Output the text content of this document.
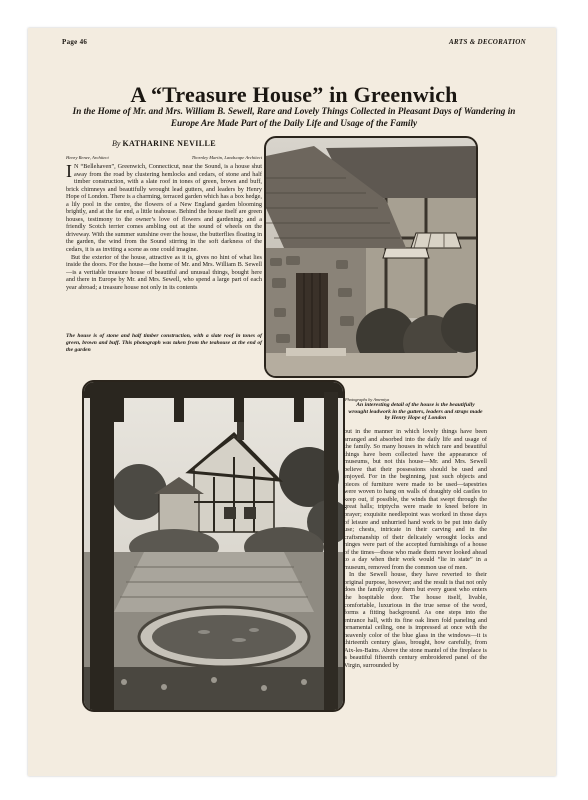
Page 46	ARTS & DECORATION
A “Treasure House” in Greenwich
In the Home of Mr. and Mrs. William B. Sewell, Rare and Lovely Things Collected in Pleasant Days of Wandering in Europe Are Made Part of the Daily Life and Usage of the Family
By KATHARINE NEVILLE
Henry Renee, Architect	Thornley Martin, Landscape Architect

I N “Bellehaven”, Greenwich, Connecticut, near the Sound, is a house shut away from the road by clustering hemlocks and cedars, of stone and half timber construction, with a slate roof in tones of green, brown and buff, brick chimneys and beautifully wrought lead gutters, and leaders by Henry Hope of London. There is a charming, terraced garden which has a box hedge, a lily pool in the centre, the flowers of a New England garden blooming brightly, and at the far end, a little teahouse. Behind the house itself are green houses, testimony to the owner’s love of flowers and gardening; and a friendly Scotch terrier comes ambling out at the sound of wheels on the driveway. With the summer sunshine over the house, the butterflies floating in the garden, the wind from the Sound stirring in the soft darkness of the cedars, it is as inviting a scene as one could imagine.

But the exterior of the house, attractive as it is, gives no hint of what lies inside the doors. For the house—the home of Mr. and Mrs. William B. Sewell—is a veritable treasure house of beautiful and unusual things, bought here and there in Europe by Mr. and Mrs. Sewell, who spend a large part of each year abroad; a treasure house not only in its contents

The house is of stone and half timber construction, with a slate roof in tones of green, brown and buff. This photograph was taken from the teahouse at the end of the garden
Photographs by Amemiya
An interesting detail of the house is the beautifully wrought leadwork in the gutters, leaders and straps made by Henry Hope of London

but in the manner in which lovely things have been arranged and absorbed into the daily life and usage of the family. So many houses in which rare and beautiful things have been collected have the appearance of museums, but not this house—Mr. and Mrs. Sewell believe that their possessions should be used and enjoyed. For in the beginning, just such objects and pieces of furniture were made to be used—tapestries were woven to hang on walls of draughty old castles to keep out, if possible, the winds that swept through the great halls; triptychs were made to kneel before in prayer; exquisite needlepoint was worked in those days of leisure and unhurried hand work to be put into daily use; chests, intricate in their carving and in the craftsmanship of their delicately wrought locks and hinges were part of the accepted furnishings of a house of the times—those who made them never looked ahead to a day when their work would “lie in state” in a museum, removed from the common use of men.

In the Sewell house, they have reverted to their original purpose, however; and the result is that not only does the family enjoy them but every guest who enters the hospitable door. The house itself, livable, comfortable, luxurious in the true sense of the word, forms a fitting background. As one steps into the entrance hall, with its fine oak linen fold paneling and ornamental ceiling, one is impressed at once with the heavenly color of the blue glass in the windows—it is thirteenth century glass, brought, how carefully, from Aix-les-Bains. Above the stone mantel of the fireplace is a beautiful fifteenth century embroidered panel of the Virgin, surrounded by
